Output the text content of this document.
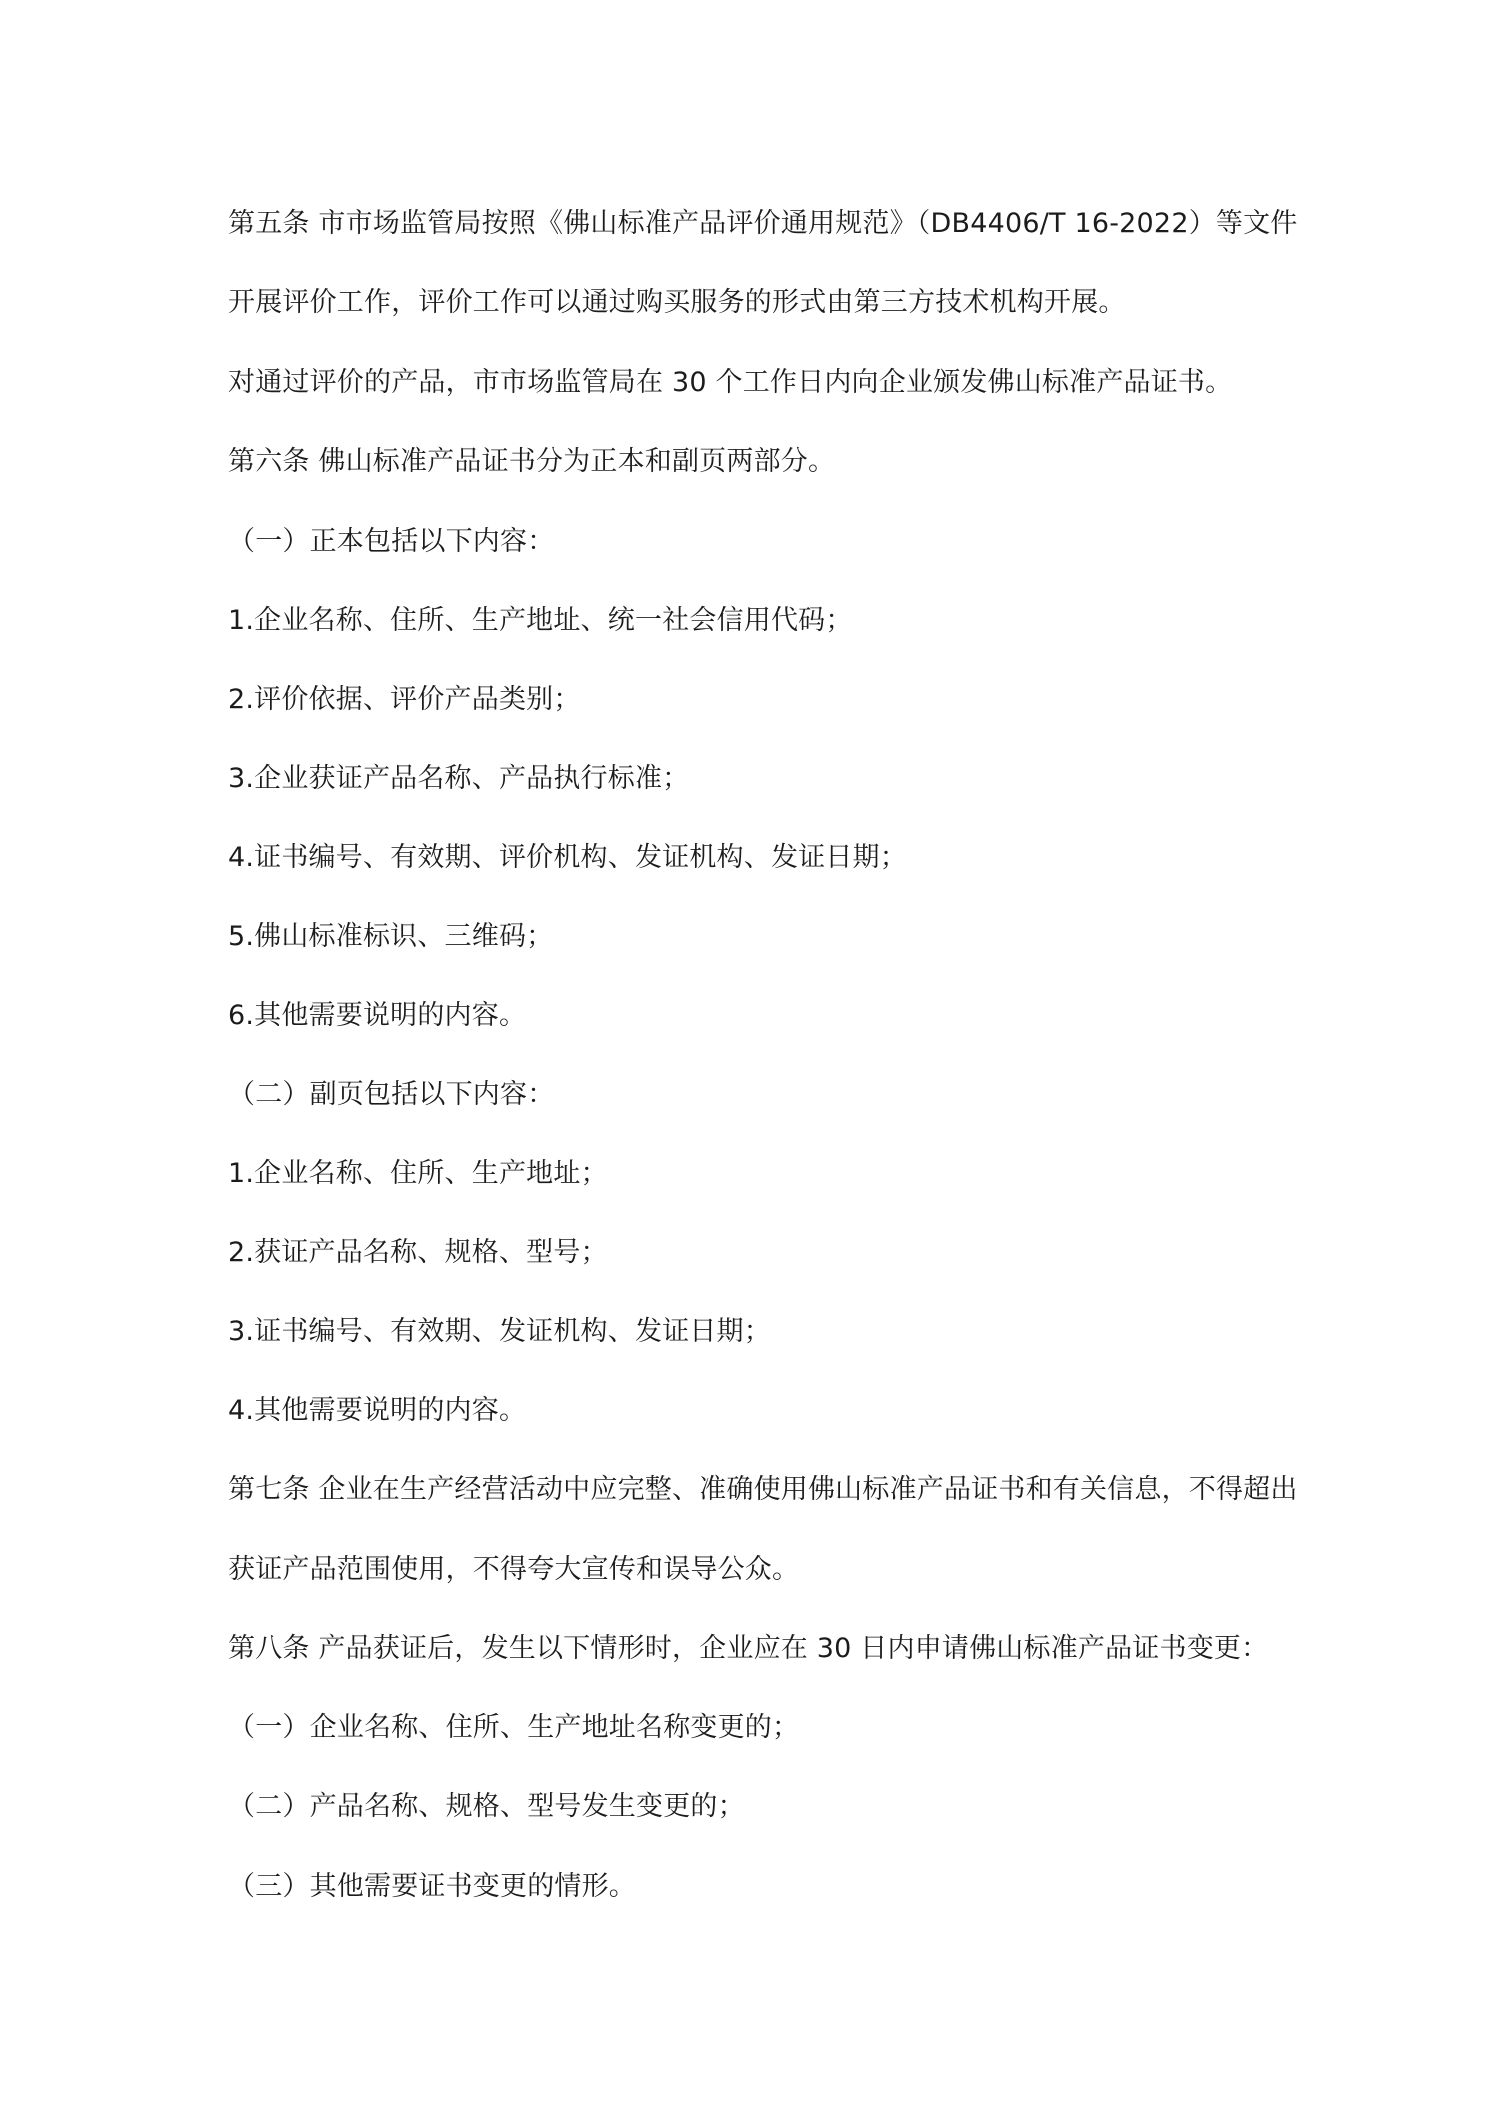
第五条 市市场监管局按照《佛山标准产品评价通用规范》（DB4406/T 16-2022）等文件
开展评价工作，评价工作可以通过购买服务的形式由第三方技术机构开展。
对通过评价的产品，市市场监管局在 30 个工作日内向企业颁发佛山标准产品证书。
第六条 佛山标准产品证书分为正本和副页两部分。
（一）正本包括以下内容：
1.企业名称、住所、生产地址、统一社会信用代码；
2.评价依据、评价产品类别；
3.企业获证产品名称、产品执行标准；
4.证书编号、有效期、评价机构、发证机构、发证日期；
5.佛山标准标识、三维码；
6.其他需要说明的内容。
（二）副页包括以下内容：
1.企业名称、住所、生产地址；
2.获证产品名称、规格、型号；
3.证书编号、有效期、发证机构、发证日期；
4.其他需要说明的内容。
第七条 企业在生产经营活动中应完整、准确使用佛山标准产品证书和有关信息，不得超出
获证产品范围使用，不得夸大宣传和误导公众。
第八条 产品获证后，发生以下情形时，企业应在 30 日内申请佛山标准产品证书变更：
（一）企业名称、住所、生产地址名称变更的；
（二）产品名称、规格、型号发生变更的；
（三）其他需要证书变更的情形。
